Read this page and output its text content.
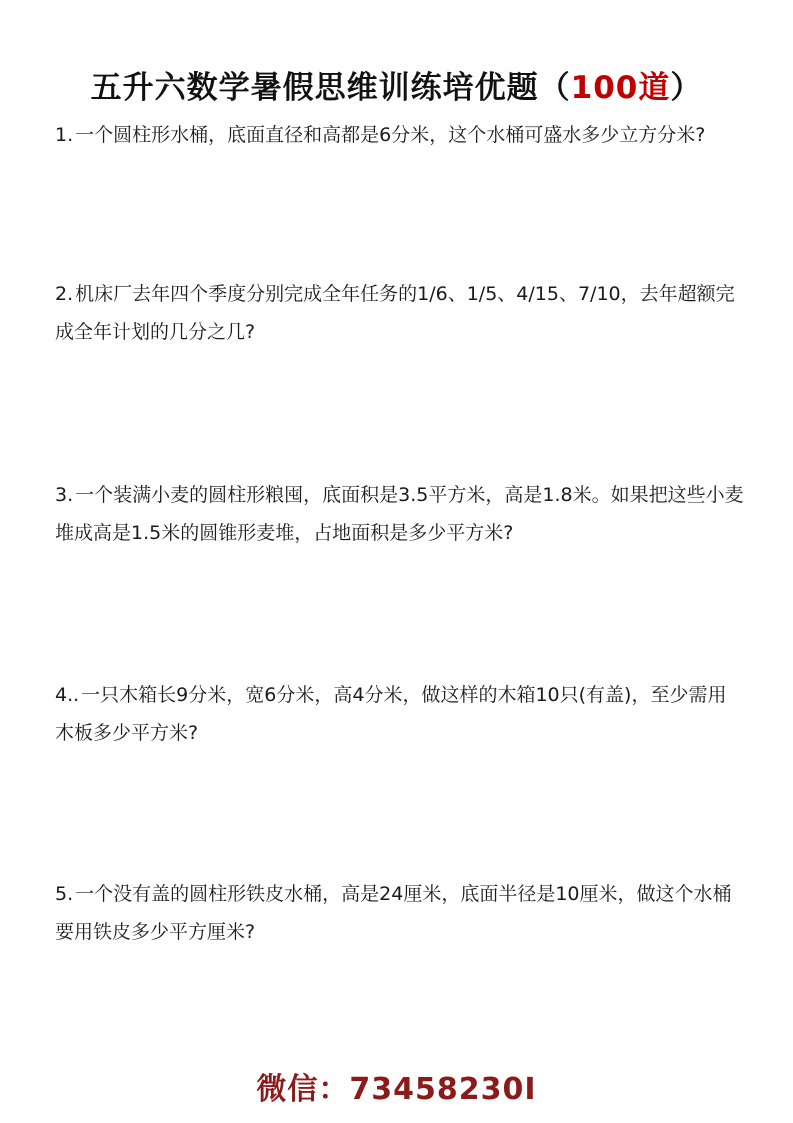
五升六数学暑假思维训练培优题（100道）
1. 一个圆柱形水桶，底面直径和高都是6分米，这个水桶可盛水多少立方分米?
2. 机床厂去年四个季度分别完成全年任务的1/6、1/5、4/15、7/10，去年超额完成全年计划的几分之几?
3. 一个装满小麦的圆柱形粮囤，底面积是3.5平方米，高是1.8米。如果把这些小麦堆成高是1.5米的圆锥形麦堆，占地面积是多少平方米?
4.. 一只木箱长9分米，宽6分米，高4分米，做这样的木箱10只(有盖)，至少需用木板多少平方米?
5. 一个没有盖的圆柱形铁皮水桶，高是24厘米，底面半径是10厘米，做这个水桶要用铁皮多少平方厘米?
微信：73458230I
